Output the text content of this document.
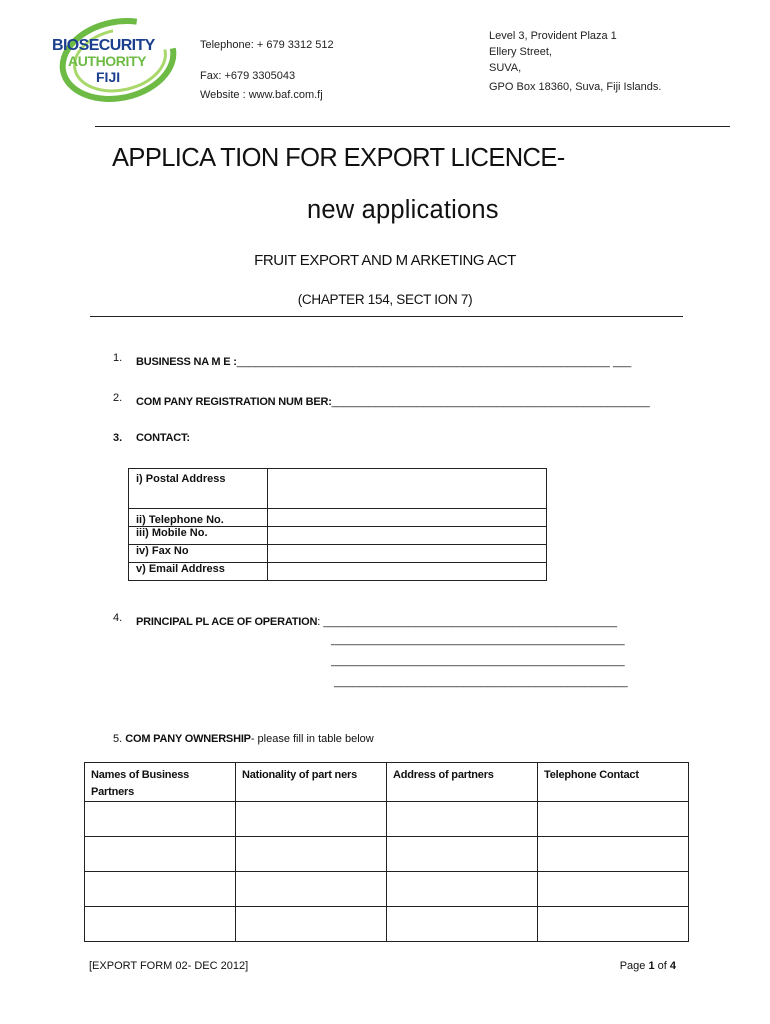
BIOSECURITY
AUTHORITY
FIJI
Telephone: + 679 3312 512
Fax: +679 3305043
Website : www.baf.com.fj
Level 3, Provident Plaza 1
Ellery Street,
SUVA,
GPO Box 18360, Suva, Fiji Islands.
APPLICA TION FOR EXPORT LICENCE-
new applications
FRUIT EXPORT AND M ARKETING ACT
(CHAPTER 154, SECT ION 7)
1. BUSINESS NA M E :_____________________________________________________________ ___
2. COM PANY REGISTRATION NUM BER:____________________________________________________
3. CONTACT:
i) Postal Address	
ii) Telephone No.	
iii) Mobile No.	
iv) Fax No	
v) Email Address	
4. PRINCIPAL PL ACE OF OPERATION: ________________________________________________
________________________________________________
________________________________________________
________________________________________________
5. COM PANY OWNERSHIP- please fill in table below
Names of Business Partners	Nationality of part ners	Address of partners	Telephone Contact

[EXPORT FORM 02- DEC 2012]	Page 1 of 4
